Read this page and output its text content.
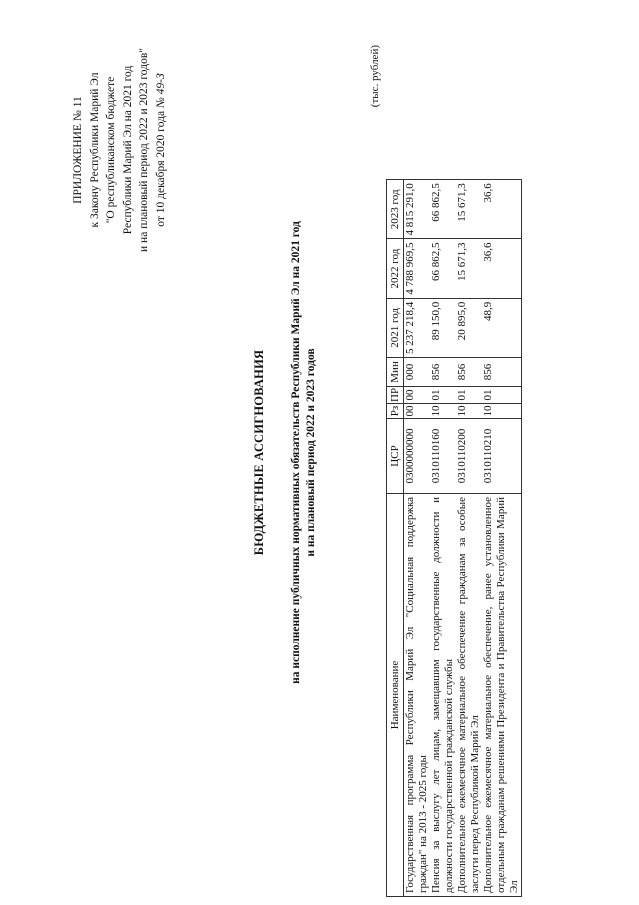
ПРИЛОЖЕНИЕ № 11 к Закону Республики Марий Эл "О республиканском бюджете Республики Марий Эл на 2021 год и на плановый период 2022 и 2023 годов" от 10 декабря 2020 года № 49-З
БЮДЖЕТНЫЕ АССИГНОВАНИЯ на исполнение публичных нормативных обязательств Республики Марий Эл на 2021 год и на плановый период 2022 и 2023 годов
(тыс. рублей)
Наименование	ЦСР	Рз	ПР	Мин	2021 год	2022 год	2023 год
Государственная программа Республики Марий Эл "Социальная поддержка граждан" на 2013 - 2025 годы	0300000000	00	00	000	5 237 218,4	4 788 969,5	4 815 291,0
Пенсия за выслугу лет лицам, замещавшим государственные должности и должности государственной гражданской службы	0310110160	10	01	856	89 150,0	66 862,5	66 862,5
Дополнительное ежемесячное материальное обеспечение гражданам за особые заслуги перед Республикой Марий Эл	0310110200	10	01	856	20 895,0	15 671,3	15 671,3
Дополнительное ежемесячное материальное обеспечение, ранее установленное отдельным гражданам решениями Президента и Правительства Республики Марий Эл	0310110210	10	01	856	48,9	36,6	36,6
